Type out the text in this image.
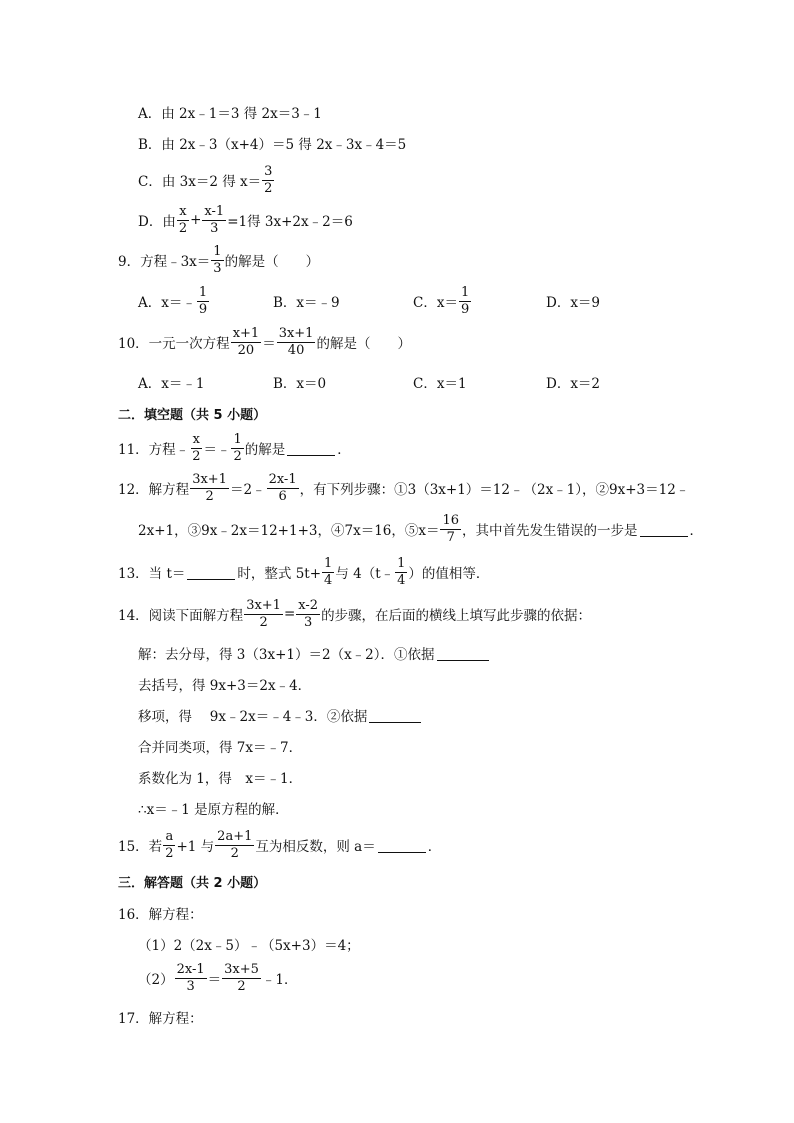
A．由 2x﹣1＝3 得 2x＝3﹣1
B．由 2x﹣3（x+4）＝5 得 2x﹣3x﹣4＝5
C．由 3x＝2 得 $x= \frac{3}{2}$
D．由 $\frac{x}{2} + \frac{x-1}{3} =1$得 3x+2x﹣2＝6
9．方程﹣3x＝ $\frac{1}{3}$ 的解是（　　）
A．x＝﹣ $\frac{1}{9}$	B．x＝﹣9	C．$x= \frac{1}{9}$	D．x＝9
10．一元一次方程 $\frac{x+1}{20} = \frac{3x+1}{40}$ 的解是（　　）
A．x＝﹣1	B．x＝0	C．x＝1	D．x＝2
二．填空题（共 5 小题）
11．方程﹣ $\frac{x}{2}$ ＝﹣ $\frac{1}{2}$ 的解是	．
12．解方程 $\frac{3x+1}{2}$ ＝2﹣ $\frac{2x-1}{6}$ ，有下列步骤：①3（3x+1）＝12﹣（2x﹣1），②9x+3＝12﹣
2x+1，③9x﹣2x＝12+1+3，④7x＝16，⑤x＝ $\frac{16}{7}$ ，其中首先发生错误的一步是	．
13．当 t＝	时，整式 $5t+ \frac{1}{4}$ 与 4（t﹣ $\frac{1}{4}$ ）的值相等．
14．阅读下面解方程 $\frac{3x+1}{2} = \frac{x-2}{3}$ 的步骤，在后面的横线上填写此步骤的依据：
解：去分母，得 3（3x+1）＝2（x﹣2）．①依据
去括号，得 9x+3＝2x﹣4．
移项，得　 9x﹣2x＝﹣4﹣3．②依据
合并同类项，得 7x＝﹣7．
系数化为 1，得　x＝﹣1．
∴x＝﹣1 是原方程的解．
15．若 $\frac{a}{2} +1$ 与 $\frac{2a+1}{2}$ 互为相反数，则 a＝	．
三．解答题（共 2 小题）
16．解方程：
（1）2（2x﹣5）﹣（5x+3）＝4；
$(2) \frac{2x-1}{3} = \frac{3x+5}{2}$ ﹣1．
17．解方程：
